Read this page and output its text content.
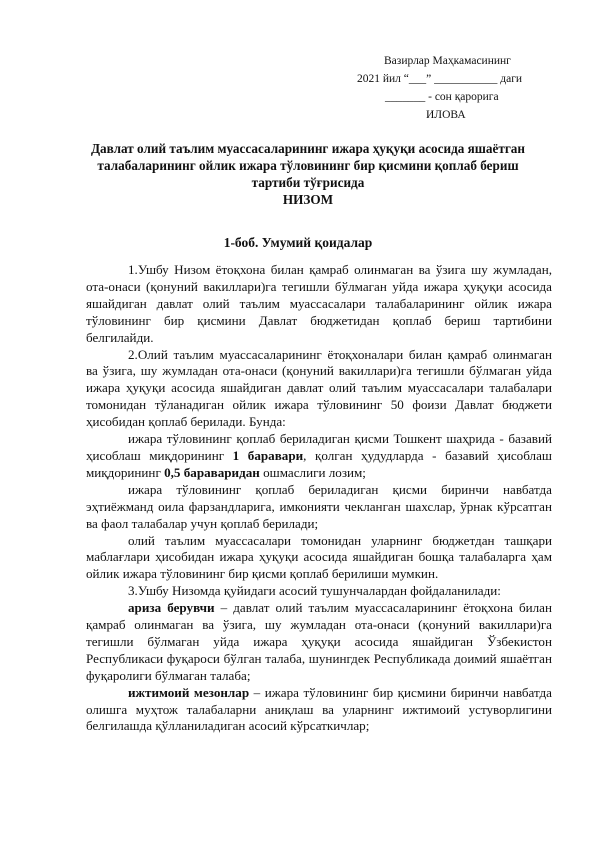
Вазирлар Маҳкамасининг
2021 йил “___” ___________ даги
_______ - сон қарорига
ИЛОВА
Давлат олий таълим муассасаларининг ижара ҳуқуқи асосида яшаётган
талабаларининг ойлик ижара тўловининг бир қисмини қоплаб бериш
тартиби тўғрисида
НИЗОМ
1-боб. Умумий қоидалар

1.Ушбу Низом ётоқхона билан қамраб олинмаган ва ўзига шу жумладан, ота-онаси (қонуний вакиллари)га тегишли бўлмаган уйда ижара ҳуқуқи асосида яшайдиган давлат олий таълим муассасалари талабаларининг ойлик ижара тўловининг бир қисмини Давлат бюджетидан қоплаб бериш тартибини белгилайди.

2.Олий таълим муассасаларининг ётоқхоналари билан қамраб олинмаган ва ўзига, шу жумладан ота-онаси (қонуний вакиллари)га тегишли бўлмаган уйда ижара ҳуқуқи асосида яшайдиган давлат олий таълим муассасалари талабалари томонидан тўланадиган ойлик ижара тўловининг 50 фоизи Давлат бюджети ҳисобидан қоплаб берилади. Бунда:

ижара тўловининг қоплаб бериладиган қисми Тошкент шаҳрида - базавий ҳисоблаш миқдорининг 1 баравари, қолган ҳудудларда - базавий ҳисоблаш миқдорининг 0,5 бараваридан ошмаслиги лозим;

ижара тўловининг қоплаб бериладиган қисми биринчи навбатда эҳтиёжманд оила фарзандларига, имконияти чекланган шахслар, ўрнак кўрсатган ва фаол талабалар учун қоплаб берилади;

олий таълим муассасалари томонидан уларнинг бюджетдан ташқари маблағлари ҳисобидан ижара ҳуқуқи асосида яшайдиган бошқа талабаларга ҳам ойлик ижара тўловининг бир қисми қоплаб берилиши мумкин.

3.Ушбу Низомда қуйидаги асосий тушунчалардан фойдаланилади:

ариза берувчи – давлат олий таълим муассасаларининг ётоқхона билан қамраб олинмаган ва ўзига, шу жумладан ота-онаси (қонуний вакиллари)га тегишли бўлмаган уйда ижара ҳуқуқи асосида яшайдиган Ўзбекистон Республикаси фуқароси бўлган талаба, шунингдек Республикада доимий яшаётган фуқаролиги бўлмаган талаба;

ижтимоий мезонлар – ижара тўловининг бир қисмини биринчи навбатда олишга муҳтож талабаларни аниқлаш ва уларнинг ижтимоий устуворлигини белгилашда қўлланиладиган асосий кўрсаткичлар;
